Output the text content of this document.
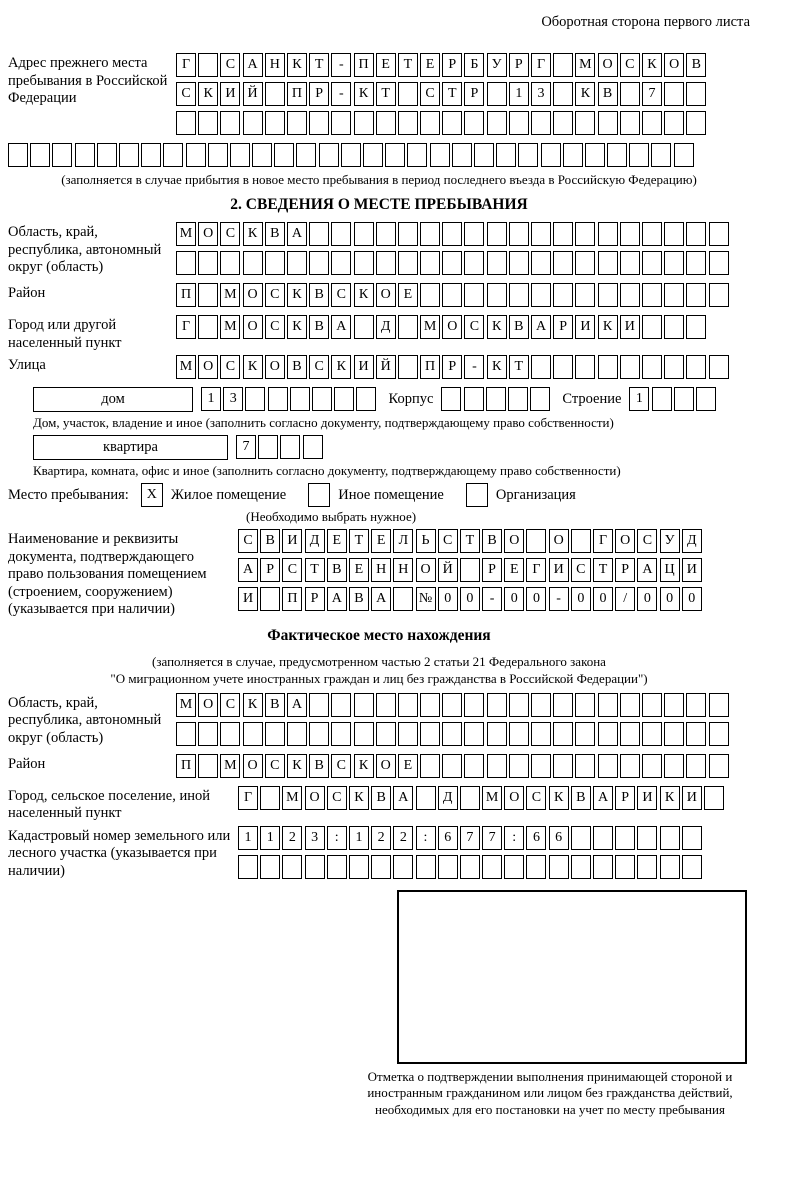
Оборотная сторона первого листа
Адрес прежнего места пребывания в Российской Федерации
Г	С А Н К Т - П Е Т Е Р Б У Р Г М О С К О В
С К И Й П Р - К Т	С Т Р	1 3	К В	7
(заполняется в случае прибытия в новое место пребывания в период последнего въезда в Российскую Федерацию)
2. СВЕДЕНИЯ О МЕСТЕ ПРЕБЫВАНИЯ
Область, край, республика, автономный округ (область)
М О С К В А
Район	П М О С К В С К О Е
Город или другой населенный пункт
Г М О С К В А Д М О С К В А Р И К И
Улица	М О С К О В С К И Й П Р - К Т
дом	1 3	Корпус	Строение	1
Дом, участок, владение и иное (заполнить согласно документу, подтверждающему право собственности)
квартира	7
Квартира, комната, офис и иное (заполнить согласно документу, подтверждающему право собственности)
Место пребывания:	X Жилое помещение	Иное помещение	Организация
(Необходимо выбрать нужное)
Наименование и реквизиты документа, подтверждающего право пользования помещением (строением, сооружением) (указывается при наличии)
С В И Д Е Т Е Л Ь С Т В О О	Г О С У Д
А Р С Т В Е Н Н О Й	Р Е Г И С Т Р А Ц И
И П Р А В А № 0 0 - 0 0 - 0 0 / 0 0 0
Фактическое место нахождения
(заполняется в случае, предусмотренном частью 2 статьи 21 Федерального закона
"О миграционном учете иностранных граждан и лиц без гражданства в Российской Федерации")
Область, край, республика, автономный округ (область)
М О С К В А
Район	П М О С К В С К О Е
Город, сельское поселение, иной населенный пункт
Г М О С К В А Д М О С К В А Р И К И
Кадастровый номер земельного или лесного участка (указывается при наличии)
1 1 2 3 : 1 2 2 : 6 7 7 : 6 6
Отметка о подтверждении выполнения принимающей стороной и иностранным гражданином или лицом без гражданства действий, необходимых для его постановки на учет по месту пребывания
